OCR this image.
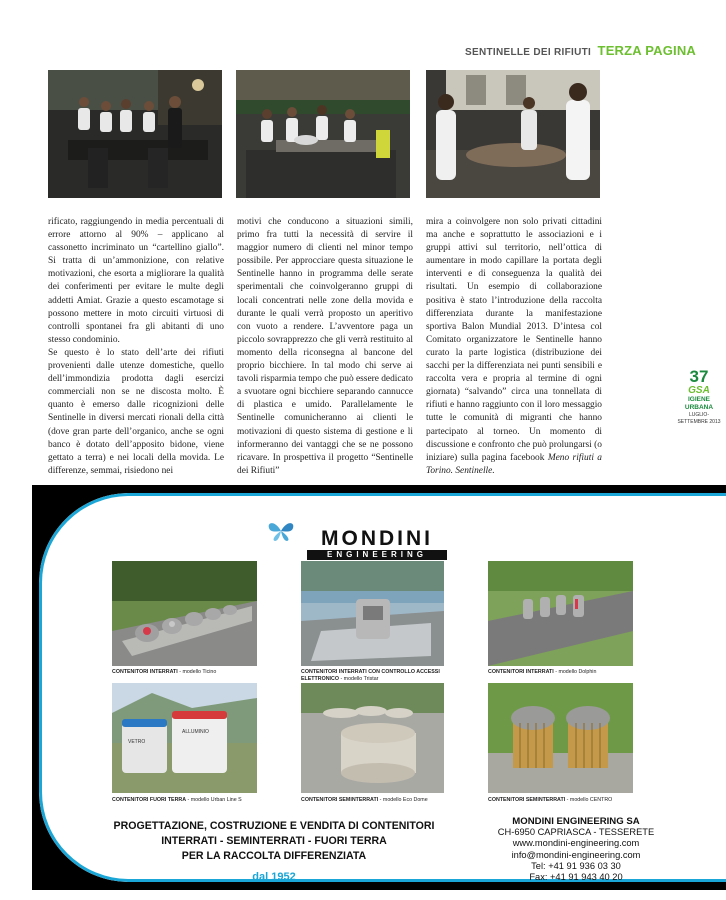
SENTINELLE DEI RIFIUTI TERZA PAGINA

rificato, raggiungendo in media percentuali di errore attorno al 90% – applicano al cassonetto incriminato un “cartellino giallo”. Si tratta di un’ammonizione, con relative motivazioni, che esorta a migliorare la qualità dei conferimenti per evitare le multe degli addetti Amiat. Grazie a questo escamotage si possono mettere in moto circuiti virtuosi di controlli spontanei fra gli abitanti di uno stesso condominio.

Se questo è lo stato dell’arte dei rifiuti provenienti dalle utenze domestiche, quello dell’immondizia prodotta dagli esercizi commerciali non se ne discosta molto. È quanto è emerso dalle ricognizioni delle Sentinelle in diversi mercati rionali della città (dove gran parte dell’organico, anche se ogni banco è dotato dell’apposito bidone, viene gettato a terra) e nei locali della movida. Le differenze, semmai, risiedono nei

motivi che conducono a situazioni simili, primo fra tutti la necessità di servire il maggior numero di clienti nel minor tempo possibile. Per approcciare questa situazione le Sentinelle hanno in programma delle serate sperimentali che coinvolgeranno gruppi di locali concentrati nelle zone della movida e durante le quali verrà proposto un aperitivo con vuoto a rendere. L’avventore paga un piccolo sovrapprezzo che gli verrà restituito al momento della riconsegna al bancone del proprio bicchiere. In tal modo chi serve ai tavoli risparmia tempo che può essere dedicato a svuotare ogni bicchiere separando cannucce di plastica e umido. Parallelamente le Sentinelle comunicheranno ai clienti le motivazioni di questo sistema di gestione e li informeranno dei vantaggi che se ne possono ricavare. In prospettiva il progetto “Sentinelle dei Rifiuti”

mira a coinvolgere non solo privati cittadini ma anche e soprattutto le associazioni e i gruppi attivi sul territorio, nell’ottica di aumentare in modo capillare la portata degli interventi e di conseguenza la qualità dei risultati. Un esempio di collaborazione positiva è stato l’introduzione della raccolta differenziata durante la manifestazione sportiva Balon Mundial 2013. D’intesa col Comitato organizzatore le Sentinelle hanno curato la parte logistica (distribuzione dei sacchi per la differenziata nei punti sensibili e raccolta vera e propria al termine di ogni giornata) “salvando” circa una tonnellata di rifiuti e hanno raggiunto con il loro messaggio tutte le comunità di migranti che hanno partecipato al torneo. Un momento di discussione e confronto che può prolungarsi (o iniziare) sulla pagina facebook Meno rifiuti a Torino. Sentinelle.

37
GSA
IGIENE URBANA
LUGLIO-SETTEMBRE 2013
MONDINI
ENGINEERING
CONTENITORI INTERRATI - modello Ticino	CONTENITORI INTERRATI CON CONTROLLO ACCESSI ELETTRONICO - modello Tristar
CONTENITORI INTERRATI - modello Dolphin
VETRO
ALLUMINIO
CONTENITORI FUORI TERRA - modello Urban Line S	CONTENITORI SEMINTERRATI - modello Eco Dome	CONTENITORI SEMINTERRATI - modello CENTRO
PROGETTAZIONE, COSTRUZIONE E VENDITA DI CONTENITORI
INTERRATI - SEMINTERRATI - FUORI TERRA
PER LA RACCOLTA DIFFERENZIATA
dal 1952
MONDINI ENGINEERING SA
CH-6950 CAPRIASCA - TESSERETE
www.mondini-engineering.com
info@mondini-engineering.com
Tel: +41 91 936 03 30
Fax: +41 91 943 40 20
